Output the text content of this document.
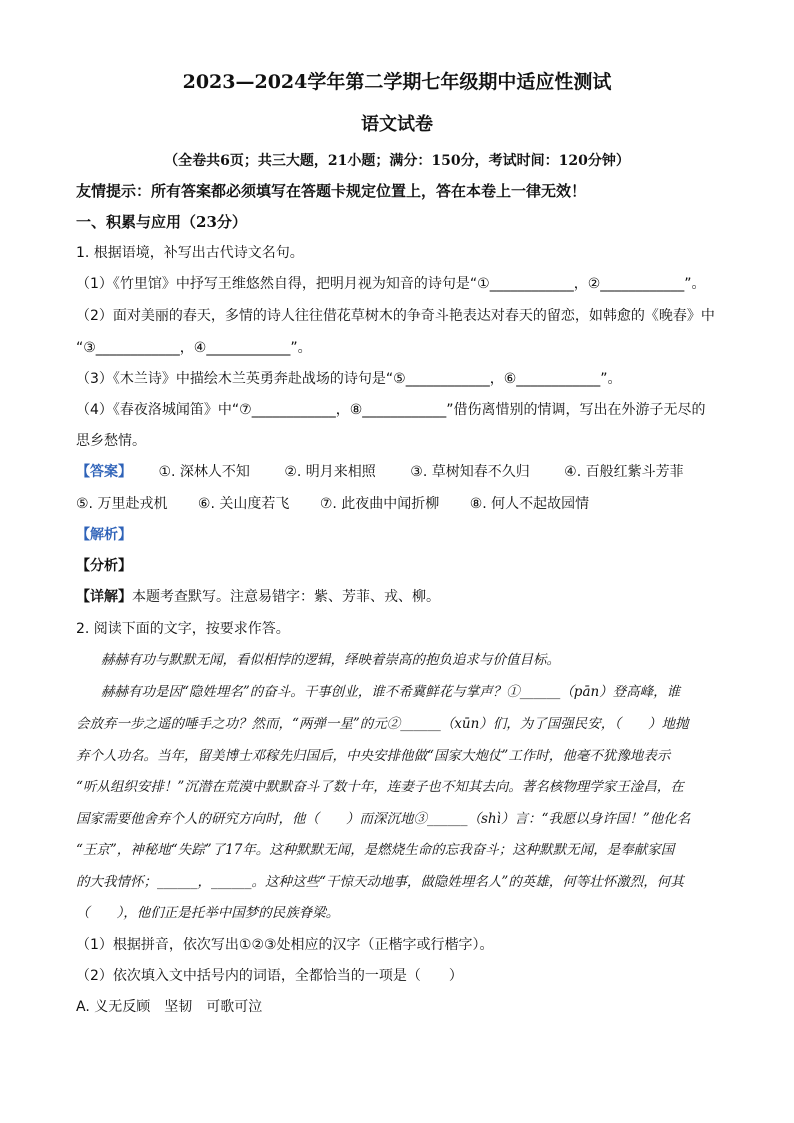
2023—2024学年第二学期七年级期中适应性测试
语文试卷
（全卷共6页；共三大题，21小题；满分：150分，考试时间：120分钟）
友情提示：所有答案都必须填写在答题卡规定位置上，答在本卷上一律无效！
一、积累与应用（23分）
1. 根据语境，补写出古代诗文名句。
（1）《竹里馆》中抒写王维悠然自得，把明月视为知音的诗句是“①____________，②____________”。
（2）面对美丽的春天，多情的诗人往往借花草树木的争奇斗艳表达对春天的留恋，如韩愈的《晚春》中
“③____________，④____________”。
（3）《木兰诗》中描绘木兰英勇奔赴战场的诗句是“⑤____________，⑥____________”。
（4）《春夜洛城闻笛》中“⑦____________，⑧____________”借伤离惜别的情调，写出在外游子无尽的
思乡愁情。
【答案】 ①. 深林人不知 ②. 明月来相照 ③. 草树知春不久归 ④. 百般红紫斗芳菲
⑤. 万里赴戎机 ⑥. 关山度若飞 ⑦. 此夜曲中闻折柳 ⑧. 何人不起故园情
【解析】
【分析】
【详解】本题考查默写。注意易错字：紫、芳菲、戎、柳。
2. 阅读下面的文字，按要求作答。
赫赫有功与默默无闻，看似相悖的逻辑，绎映着崇高的抱负追求与价值目标。
赫赫有功是因“隐姓埋名”的奋斗。干事创业，谁不希冀鲜花与掌声？①______（pān）登高峰，谁
会放弃一步之遥的唾手之功？然而，“两弹一星”的元②______（xūn）们，为了国强民安，（　　）地抛
弃个人功名。当年，留美博士邓稼先归国后，中央安排他做“国家大炮仗”工作时，他毫不犹豫地表示
“听从组织安排！”沉潜在荒漠中默默奋斗了数十年，连妻子也不知其去向。著名核物理学家王淦昌，在
国家需要他舍弃个人的研究方向时，他（　　）而深沉地③______（shì）言：“我愿以身许国！”他化名
“王京”，神秘地“失踪”了17年。这种默默无闻，是燃烧生命的忘我奋斗；这种默默无闻，是奉献家国
的大我情怀；______，______。这种这些“干惊天动地事，做隐姓埋名人”的英雄，何等壮怀激烈，何其
（　　），他们正是托举中国梦的民族脊梁。
（1）根据拼音，依次写出①②③处相应的汉字（正楷字或行楷字）。
（2）依次填入文中括号内的词语，全都恰当的一项是（　　）
A. 义无反顾　坚韧　可歌可泣
